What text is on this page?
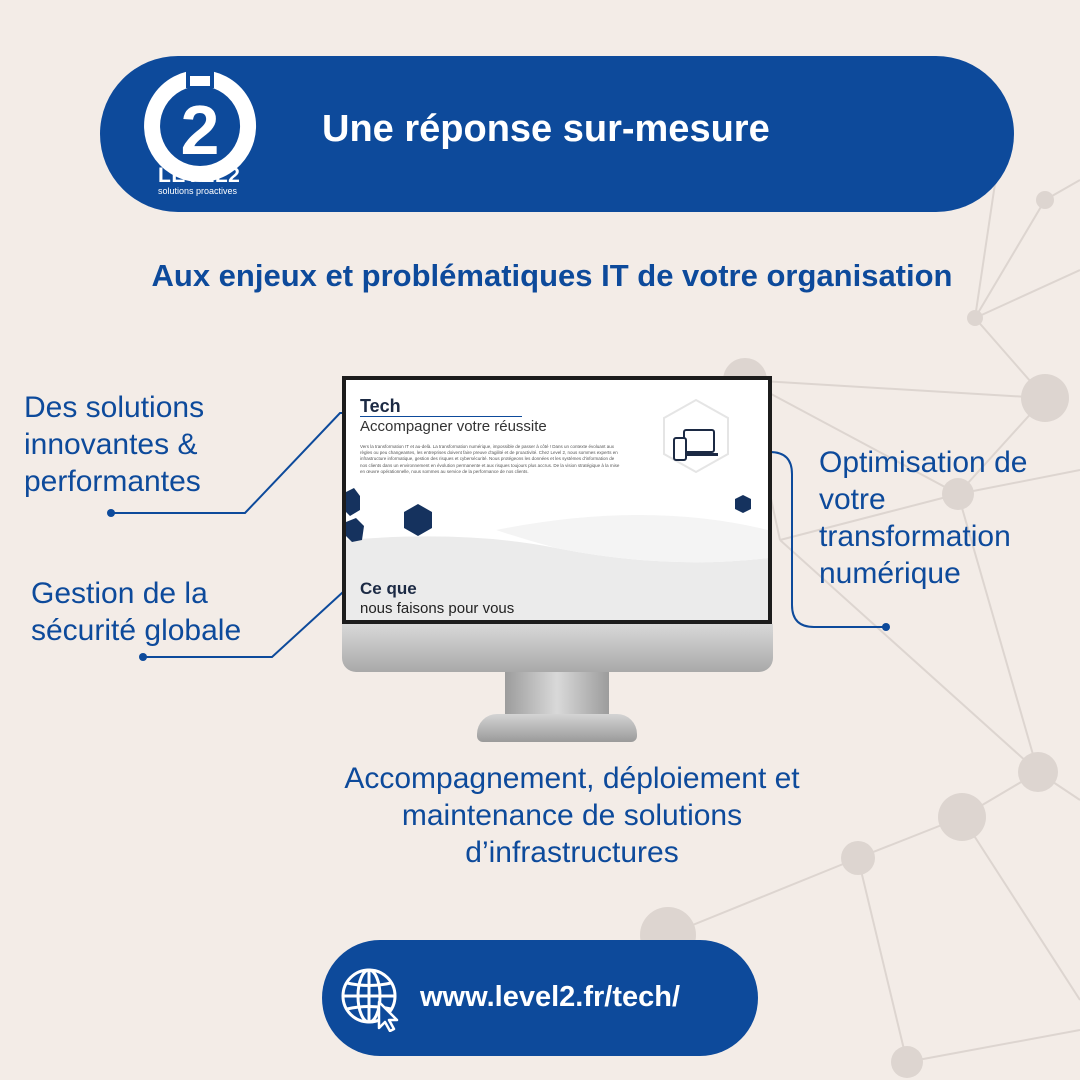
2
LEVEL2
solutions proactives
Une réponse sur-mesure
Aux enjeux et problématiques IT de votre organisation
Des solutions
innovantes &
performantes
Gestion de la
sécurité globale
Optimisation de
votre
transformation
numérique
Accompagnement, déploiement et
maintenance de solutions
d’infrastructures
Tech
Accompagner votre réussite
Vers la transformation IT et au-delà. La transformation numérique, impossible de passer à côté ! Dans un contexte évoluant aux règles ou peu changeantes, les entreprises doivent faire preuve d'agilité et de proactivité. Chez Level 2, nous sommes experts en infrastructure informatique, gestion des risques et cybersécurité. Nous protégeons les données et les systèmes d'information de nos clients dans un environnement en évolution permanente et aux risques toujours plus accrus. De la vision stratégique à la mise en œuvre opérationnelle, nous sommes au service de la performance de nos clients.
Ce que
nous faisons pour vous
www.level2.fr/tech/
